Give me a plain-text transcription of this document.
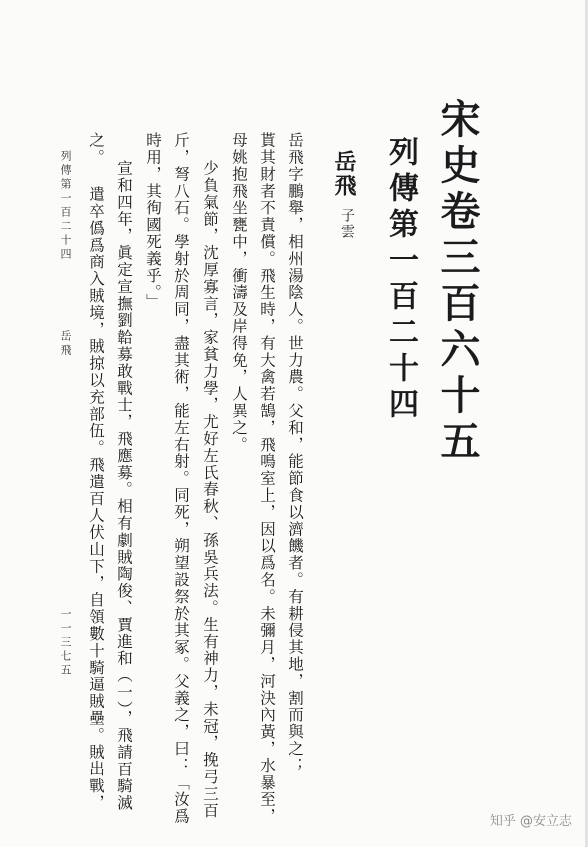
宋史卷三百六十五
列傳第一百二十四
岳飛
子雲
岳飛字鵬舉，相州湯陰人。世力農。父和，能節食以濟饑者。有耕侵其地，割而與之；
貰其財者不責償。飛生時，有大禽若鵠，飛鳴室上，因以爲名。未彌月，河決內黃，水暴至，
母姚抱飛坐甕中，衝濤及岸得免，人異之。
少負氣節，沈厚寡言，家貧力學，尤好左氏春秋、孫吳兵法。生有神力，未冠，挽弓三百
斤，弩八石。學射於周同，盡其術，能左右射。同死，朔望設祭於其冢。父義之，曰：「汝爲
時用，其徇國死義乎。」
宣和四年，眞定宣撫劉韐募敢戰士，飛應募。相有劇賊陶俊、賈進和（一），飛請百騎滅
之。
遣卒僞爲商入賊境，賊掠以充部伍。飛遣百人伏山下，自領數十騎逼賊壘。賊出戰，
列傳第一百二十四
岳飛
一一三七五
知乎 @安立志
